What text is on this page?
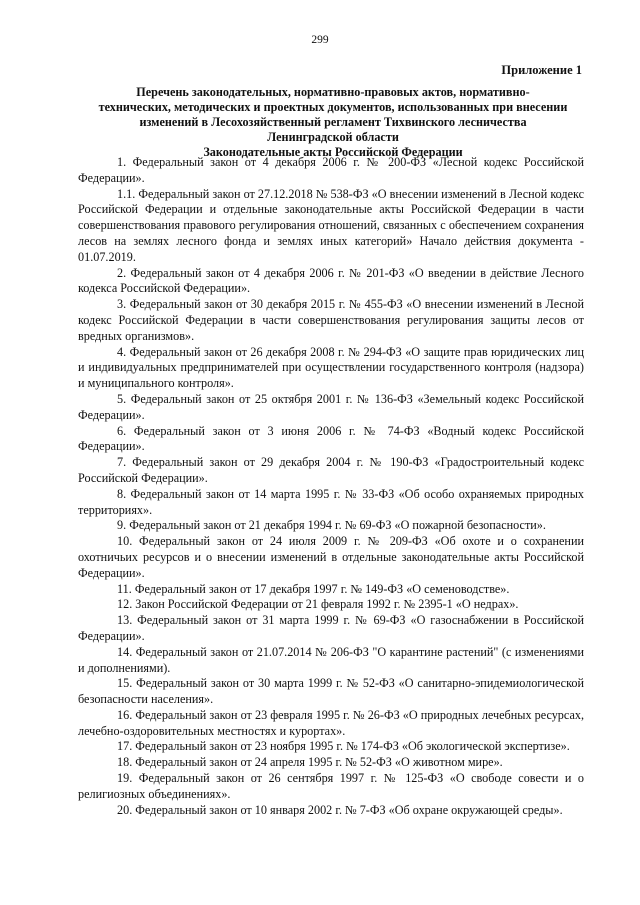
299
Приложение 1
Перечень законодательных, нормативно-правовых актов, нормативно-
технических, методических и проектных документов, использованных при внесении
изменений в Лесохозяйственный регламент Тихвинского лесничества
Ленинградской области
Законодательные акты Российской Федерации

1. Федеральный закон от 4 декабря 2006 г. № 200-ФЗ «Лесной кодекс Российской Федерации».

1.1. Федеральный закон от 27.12.2018 № 538-ФЗ «О внесении изменений в Лесной кодекс Российской Федерации и отдельные законодательные акты Российской Федерации в части совершенствования правового регулирования отношений, связанных с обеспечением сохранения лесов на землях лесного фонда и землях иных категорий» Начало действия документа - 01.07.2019.

2. Федеральный закон от 4 декабря 2006 г. № 201-ФЗ «О введении в действие Лесного кодекса Российской Федерации».

3. Федеральный закон от 30 декабря 2015 г. № 455-ФЗ «О внесении изменений в Лесной кодекс Российской Федерации в части совершенствования регулирования защиты лесов от вредных организмов».

4. Федеральный закон от 26 декабря 2008 г. № 294-ФЗ «О защите прав юридических лиц и индивидуальных предпринимателей при осуществлении государственного контроля (надзора) и муниципального контроля».

5. Федеральный закон от 25 октября 2001 г. № 136-ФЗ «Земельный кодекс Российской Федерации».

6. Федеральный закон от 3 июня 2006 г. № 74-ФЗ «Водный кодекс Российской Федерации».

7. Федеральный закон от 29 декабря 2004 г. № 190-ФЗ «Градостроительный кодекс Российской Федерации».

8. Федеральный закон от 14 марта 1995 г. № 33-ФЗ «Об особо охраняемых природных территориях».

9. Федеральный закон от 21 декабря 1994 г. № 69-ФЗ «О пожарной безопасности».

10. Федеральный закон от 24 июля 2009 г. № 209-ФЗ «Об охоте и о сохранении охотничьих ресурсов и о внесении изменений в отдельные законодательные акты Российской Федерации».

11. Федеральный закон от 17 декабря 1997 г. № 149-ФЗ «О семеноводстве».

12. Закон Российской Федерации от 21 февраля 1992 г. № 2395-1 «О недрах».

13. Федеральный закон от 31 марта 1999 г. № 69-ФЗ «О газоснабжении в Российской Федерации».

14. Федеральный закон от 21.07.2014 № 206-ФЗ "О карантине растений" (с изменениями и дополнениями).

15. Федеральный закон от 30 марта 1999 г. № 52-ФЗ «О санитарно-эпидемиологической безопасности населения».

16. Федеральный закон от 23 февраля 1995 г. № 26-ФЗ «О природных лечебных ресурсах, лечебно-оздоровительных местностях и курортах».

17. Федеральный закон от 23 ноября 1995 г. № 174-ФЗ «Об экологической экспертизе».

18. Федеральный закон от 24 апреля 1995 г. № 52-ФЗ «О животном мире».

19. Федеральный закон от 26 сентября 1997 г. № 125-ФЗ «О свободе совести и о религиозных объединениях».

20. Федеральный закон от 10 января 2002 г. № 7-ФЗ «Об охране окружающей среды».
